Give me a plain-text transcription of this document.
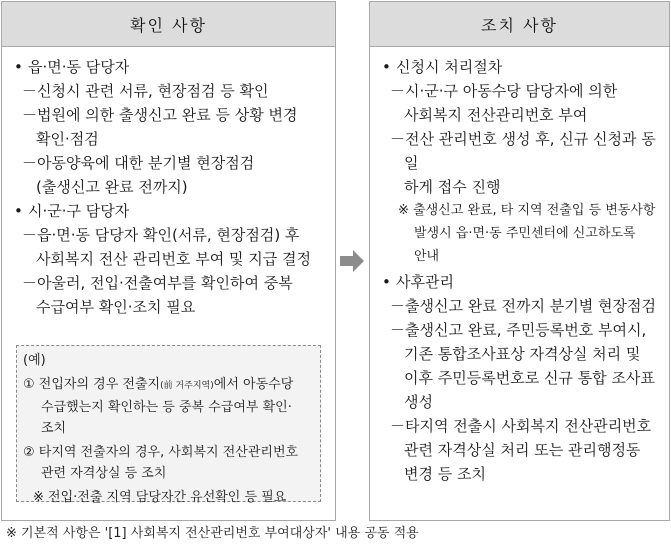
확인 사항

• 읍·면·동 담당자

－신청시 관련 서류, 현장점검 등 확인

－법원에 의한 출생신고 완료 등 상황 변경

확인·점검

－아동양육에 대한 분기별 현장점검

(출생신고 완료 전까지)

• 시·군·구 담당자

－읍·면·동 담당자 확인(서류, 현장점검) 후

사회복지 전산 관리번호 부여 및 지급 결정

－아울러, 전입·전출여부를 확인하여 중복

수급여부 확인·조치 필요

(예)

① 전입자의 경우 전출지(前 거주지역)에서 아동수당

수급했는지 확인하는 등 중복 수급여부 확인·

조치

② 타지역 전출자의 경우, 사회복지 전산관리번호

관련 자격상실 등 조치

※ 전입·전출 지역 담당자간 유선확인 등 필요

조치 사항

• 신청시 처리절차

－시·군·구 아동수당 담당자에 의한

사회복지 전산관리번호 부여

－전산 관리번호 생성 후, 신규 신청과 동일

하게 접수 진행

※ 출생신고 완료, 타 지역 전출입 등 변동사항

발생시 읍·면·동 주민센터에 신고하도록

안내

• 사후관리

－출생신고 완료 전까지 분기별 현장점검

－출생신고 완료, 주민등록번호 부여시,

기존 통합조사표상 자격상실 처리 및

이후 주민등록번호로 신규 통합 조사표

생성

－타지역 전출시 사회복지 전산관리번호

관련 자격상실 처리 또는 관리행정동

변경 등 조치

※ 기본적 사항은 '[1] 사회복지 전산관리번호 부여대상자' 내용 공동 적용
